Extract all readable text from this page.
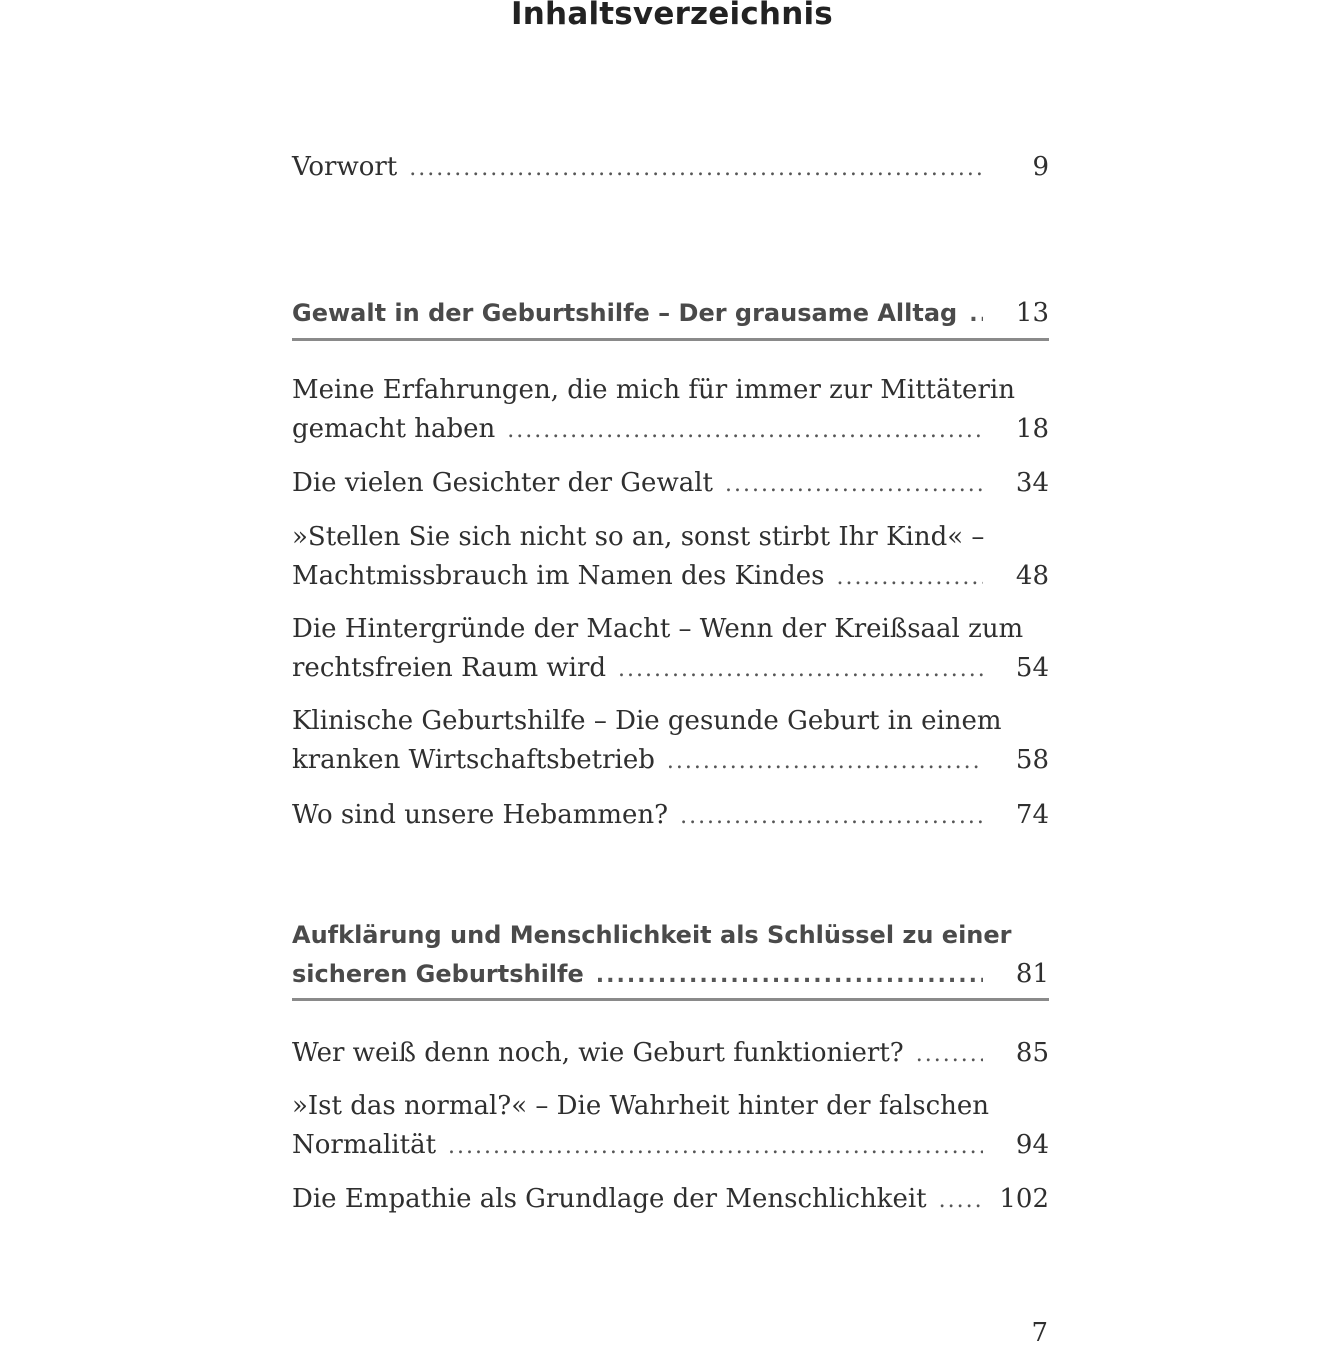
Inhaltsverzeichnis
Vorwort .....	9
Gewalt in der Geburtshilfe – Der grausame Alltag .....	13
Meine Erfahrungen, die mich für immer zur Mittäterin
gemacht haben .....	18
Die vielen Gesichter der Gewalt .....	34
»Stellen Sie sich nicht so an, sonst stirbt Ihr Kind« –
Machtmissbrauch im Namen des Kindes .....	48
Die Hintergründe der Macht – Wenn der Kreißsaal zum
rechtsfreien Raum wird .....	54
Klinische Geburtshilfe – Die gesunde Geburt in einem
kranken Wirtschaftsbetrieb .....	58
Wo sind unsere Hebammen? .....	74
Aufklärung und Menschlichkeit als Schlüssel zu einer
sicheren Geburtshilfe .....	81
Wer weiß denn noch, wie Geburt funktioniert? .....	85
»Ist das normal?« – Die Wahrheit hinter der falschen
Normalität .....	94
Die Empathie als Grundlage der Menschlichkeit .....	102
7
